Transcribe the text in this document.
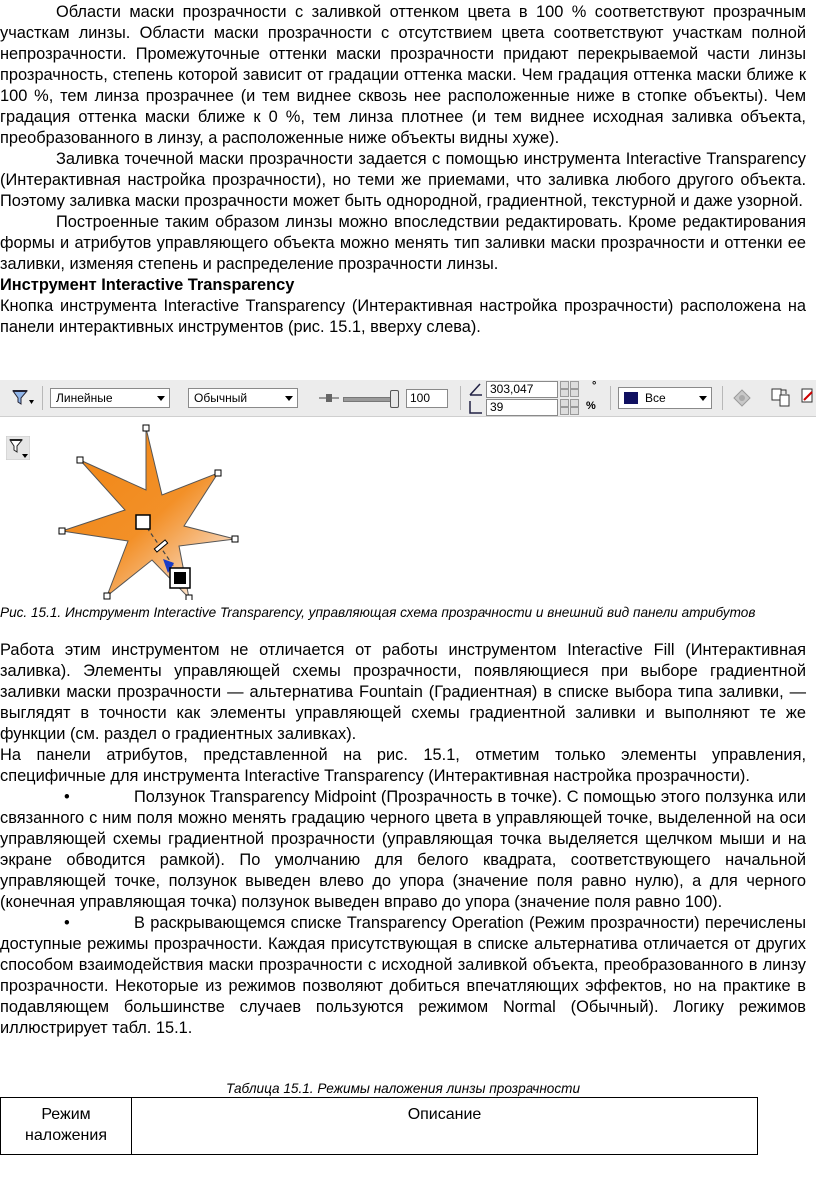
Области маски прозрачности с заливкой оттенком цвета в 100 % соответствуют прозрачным участкам линзы. Области маски прозрачности с отсутствием цвета соответствуют участкам полной непрозрачности. Промежуточные оттенки маски прозрачности придают перекрываемой части линзы прозрачность, степень которой зависит от градации оттенка маски. Чем градация оттенка маски ближе к 100 %, тем линза прозрачнее (и тем виднее сквозь нее расположенные ниже в стопке объекты). Чем градация оттенка маски ближе к 0 %, тем линза плотнее (и тем виднее исходная заливка объекта, преобразованного в линзу, а расположенные ниже объекты видны хуже).

Заливка точечной маски прозрачности задается с помощью инструмента Interactive Transparency (Интерактивная настройка прозрачности), но теми же приемами, что заливка любого другого объекта. Поэтому заливка маски прозрачности может быть однородной, градиентной, текстурной и даже узорной.

Построенные таким образом линзы можно впоследствии редактировать. Кроме редактирования формы и атрибутов управляющего объекта можно менять тип заливки маски прозрачности и оттенки ее заливки, изменяя степень и распределение прозрачности линзы.

Инструмент Interactive Transparency

Кнопка инструмента Interactive Transparency (Интерактивная настройка прозрачности) расположена на панели интерактивных инструментов (рис. 15.1, вверху слева).

Линейные	Обычный	100
303,047	°
39	%
Все
Рис. 15.1. Инструмент Interactive Transparency, управляющая схема прозрачности и внешний вид панели атрибутов

Работа этим инструментом не отличается от работы инструментом Interactive Fill (Интерактивная заливка). Элементы управляющей схемы прозрачности, появляющиеся при выборе градиентной заливки маски прозрачности — альтернатива Fountain (Градиентная) в списке выбора типа заливки, — выглядят в точности как элементы управляющей схемы градиентной заливки и выполняют те же функции (см. раздел о градиентных заливках).

На панели атрибутов, представленной на рис. 15.1, отметим только элементы управления, специфичные для инструмента Interactive Transparency (Интерактивная настройка прозрачности).

•	Ползунок Transparency Midpoint (Прозрачность в точке). С помощью этого ползунка или связанного с ним поля можно менять градацию черного цвета в управляющей точке, выделенной на оси управляющей схемы градиентной прозрачности (управляющая точка выделяется щелчком мыши и на экране обводится рамкой). По умолчанию для белого квадрата, соответствующего начальной управляющей точке, ползунок выведен влево до упора (значение поля равно нулю), а для черного (конечная управляющая точка) ползунок выведен вправо до упора (значение поля равно 100).

•	В раскрывающемся списке Transparency Operation (Режим прозрачности) перечислены доступные режимы прозрачности. Каждая присутствующая в списке альтернатива отличается от других способом взаимодействия маски прозрачности с исходной заливкой объекта, преобразованного в линзу прозрачности. Некоторые из режимов позволяют добиться впечатляющих эффектов, но на практике в подавляющем большинстве случаев пользуются режимом Normal (Обычный). Логику режимов иллюстрирует табл. 15.1.

Таблица 15.1. Режимы наложения линзы прозрачности
Режим наложения	Описание
